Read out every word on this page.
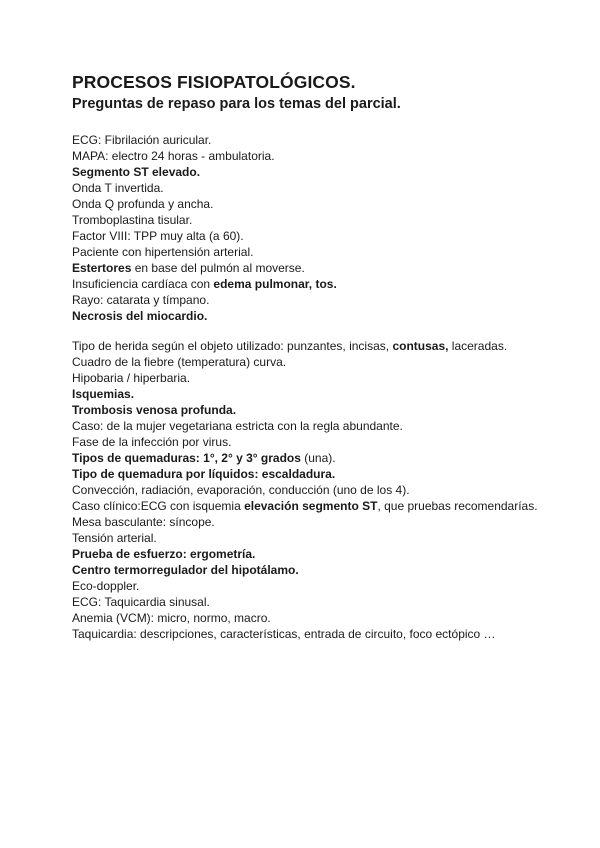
PROCESOS FISIOPATOLÓGICOS.
Preguntas de repaso para los temas del parcial.
ECG: Fibrilación auricular.
MAPA: electro 24 horas - ambulatoria.
Segmento ST elevado.
Onda T invertida.
Onda Q profunda y ancha.
Tromboplastina tisular.
Factor VIII: TPP muy alta (a 60).
Paciente con hipertensión arterial.
Estertores en base del pulmón al moverse.
Insuficiencia cardíaca con edema pulmonar, tos.
Rayo: catarata y tímpano.
Necrosis del miocardio.
Tipo de herida según el objeto utilizado: punzantes, incisas, contusas, laceradas.
Cuadro de la fiebre (temperatura) curva.
Hipobaria / hiperbaria.
Isquemias.
Trombosis venosa profunda.
Caso: de la mujer vegetariana estricta con la regla abundante.
Fase de la infección por virus.
Tipos de quemaduras: 1°, 2° y 3° grados (una).
Tipo de quemadura por líquidos: escaldadura.
Convección, radiación, evaporación, conducción (uno de los 4).
Caso clínico:ECG con isquemia elevación segmento ST, que pruebas recomendarías.
Mesa basculante: síncope.
Tensión arterial.
Prueba de esfuerzo: ergometría.
Centro termorregulador del hipotálamo.
Eco-doppler.
ECG: Taquicardia sinusal.
Anemia (VCM): micro, normo, macro.
Taquicardia: descripciones, características, entrada de circuito, foco ectópico …
